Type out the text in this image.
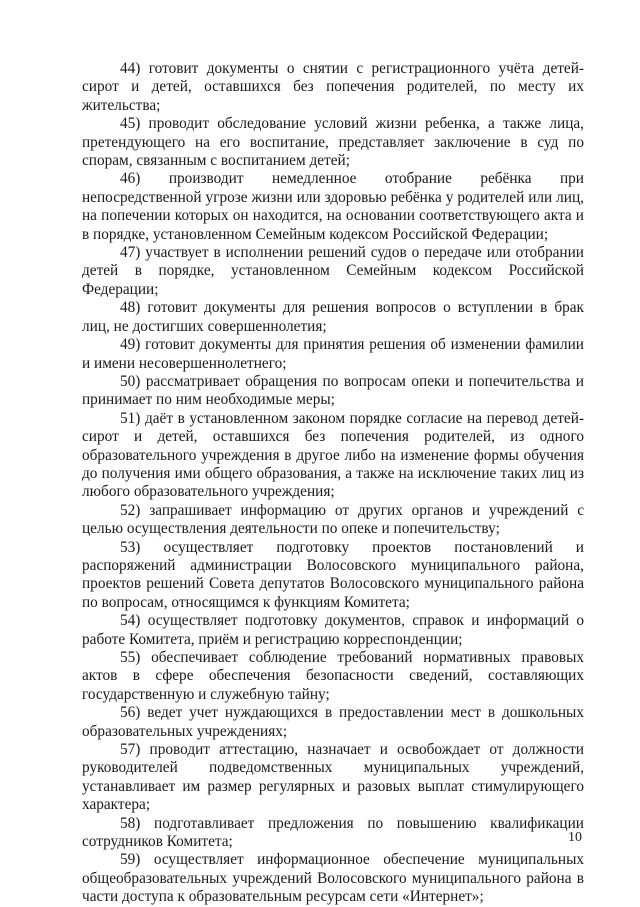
44) готовит документы о снятии с регистрационного учёта детей-сирот и детей, оставшихся без попечения родителей, по месту их жительства;

45) проводит обследование условий жизни ребенка, а также лица, претендующего на его воспитание, представляет заключение в суд по спорам, связанным с воспитанием детей;

46) производит немедленное отобрание ребёнка при непосредственной угрозе жизни или здоровью ребёнка у родителей или лиц, на попечении которых он находится, на основании соответствующего акта и в порядке, установленном Семейным кодексом Российской Федерации;

47) участвует в исполнении решений судов о передаче или отобрании детей в порядке, установленном Семейным кодексом Российской Федерации;

48) готовит документы для решения вопросов о вступлении в брак лиц, не достигших совершеннолетия;

49) готовит документы для принятия решения об изменении фамилии и имени несовершеннолетнего;

50) рассматривает обращения по вопросам опеки и попечительства и принимает по ним необходимые меры;

51) даёт в установленном законом порядке согласие на перевод детей-сирот и детей, оставшихся без попечения родителей, из одного образовательного учреждения в другое либо на изменение формы обучения до получения ими общего образования, а также на исключение таких лиц из любого образовательного учреждения;

52) запрашивает информацию от других органов и учреждений с целью осуществления деятельности по опеке и попечительству;

53) осуществляет подготовку проектов постановлений и распоряжений администрации Волосовского муниципального района, проектов решений Совета депутатов Волосовского муниципального района по вопросам, относящимся к функциям Комитета;

54) осуществляет подготовку документов, справок и информаций о работе Комитета, приём и регистрацию корреспонденции;

55) обеспечивает соблюдение требований нормативных правовых актов в сфере обеспечения безопасности сведений, составляющих государственную и служебную тайну;

56) ведет учет нуждающихся в предоставлении мест в дошкольных образовательных учреждениях;

57) проводит аттестацию, назначает и освобождает от должности руководителей подведомственных муниципальных учреждений, устанавливает им размер регулярных и разовых выплат стимулирующего характера;

58) подготавливает предложения по повышению квалификации сотрудников Комитета;

59) осуществляет информационное обеспечение муниципальных общеобразовательных учреждений Волосовского муниципального района в части доступа к образовательным ресурсам сети «Интернет»;

10
